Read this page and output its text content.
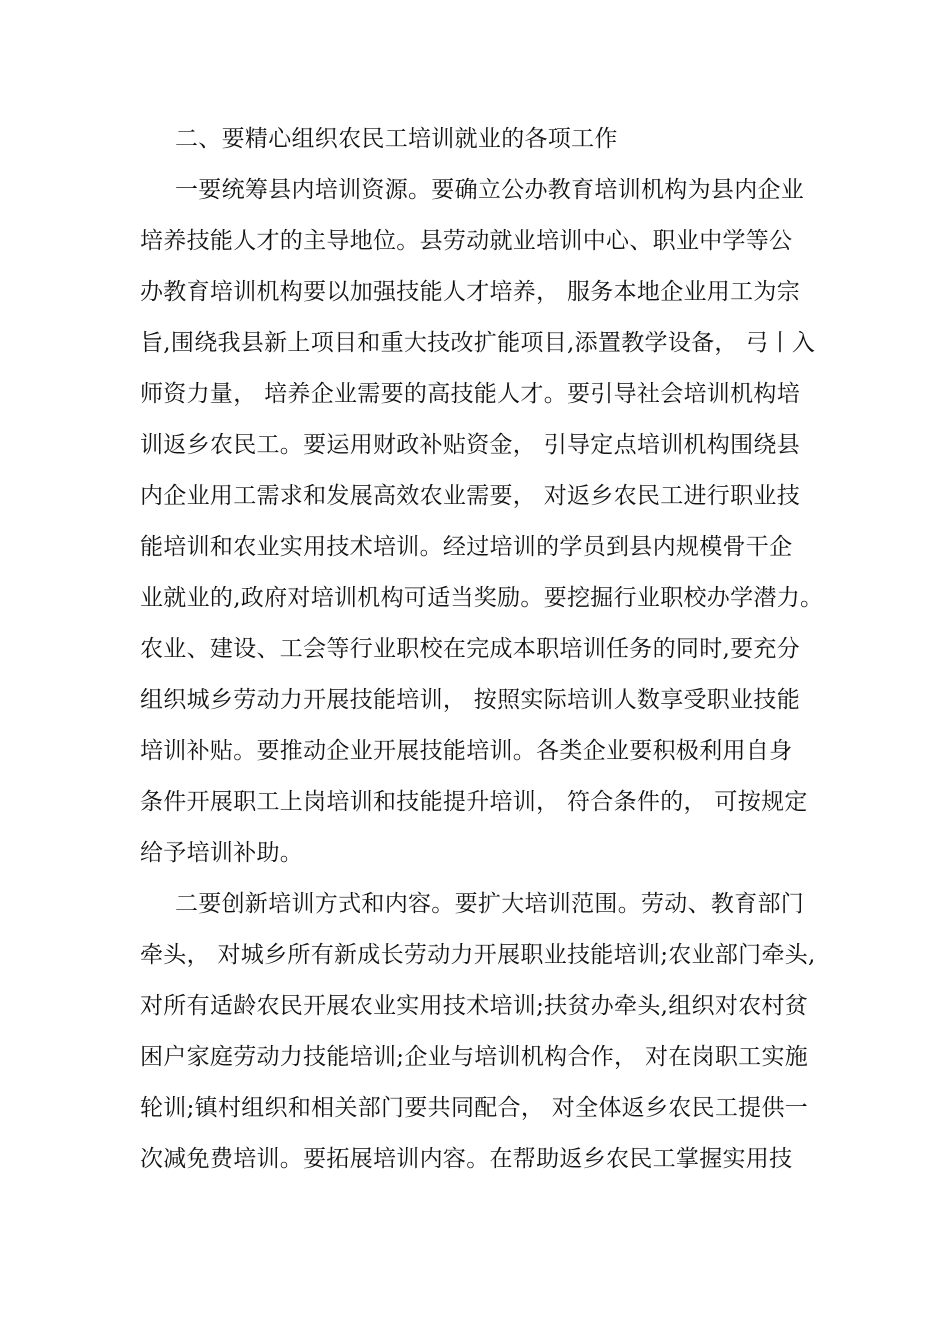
二、要精心组织农民工培训就业的各项工作
一要统筹县内培训资源。要确立公办教育培训机构为县内企业
培养技能人才的主导地位。县劳动就业培训中心、职业中学等公
办教育培训机构要以加强技能人才培养， 服务本地企业用工为宗
旨,围绕我县新上项目和重大技改扩能项目,添置教学设备， 弓丨入
师资力量， 培养企业需要的高技能人才。要引导社会培训机构培
训返乡农民工。要运用财政补贴资金， 引导定点培训机构围绕县
内企业用工需求和发展高效农业需要， 对返乡农民工进行职业技
能培训和农业实用技术培训。经过培训的学员到县内规模骨干企
业就业的,政府对培训机构可适当奖励。要挖掘行业职校办学潜力。
农业、建设、工会等行业职校在完成本职培训任务的同时,要充分
组织城乡劳动力开展技能培训， 按照实际培训人数享受职业技能
培训补贴。要推动企业开展技能培训。各类企业要积极利用自身
条件开展职工上岗培训和技能提升培训， 符合条件的， 可按规定
给予培训补助。
二要创新培训方式和内容。要扩大培训范围。劳动、教育部门
牵头， 对城乡所有新成长劳动力开展职业技能培训;农业部门牵头,
对所有适龄农民开展农业实用技术培训;扶贫办牵头,组织对农村贫
困户家庭劳动力技能培训;企业与培训机构合作， 对在岗职工实施
轮训;镇村组织和相关部门要共同配合， 对全体返乡农民工提供一
次减免费培训。要拓展培训内容。在帮助返乡农民工掌握实用技
